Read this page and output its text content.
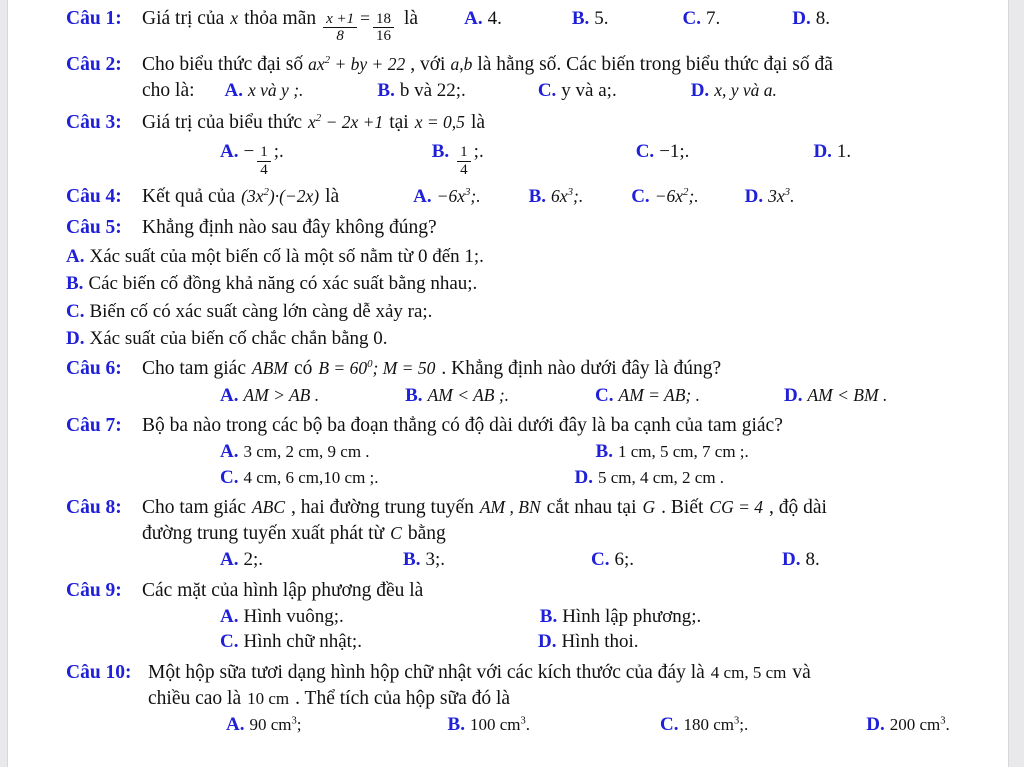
Câu 1:	Giá trị của x thỏa mãn $\frac{x +1}{8} = \frac{18}{16}$ là A. 4.	B. 5.	C. 7.	D. 8.
Câu 2:	Cho biểu thức đại số $ax^2$ + by + 22 , với a,b là hằng số. Các biến trong biểu thức đại số đã
cho là: A. x và y ;.	B. b và 22;.	C. y và a;.	D. x, y và a.
Câu 3:	Giá trị của biểu thức $x^2 - 2x +1$ tại x = 0,5 là
A. − $\frac{1}{4}$ ;.	B. $\frac{1}{4}$ ;.	C. −1;.	D. 1.
Câu 4:	Kết quả của $(3x^2)\cdot(-2x)$ là	A. $-6x^3$;.	B. $6x^3$;.	C. $-6x^2$;. D. $3x^3$.
Câu 5:	Khẳng định nào sau đây không đúng?
A. Xác suất của một biến cố là một số nằm từ 0 đến 1;.
B. Các biến cố đồng khả năng có xác suất bằng nhau;.
C. Biến cố có xác suất càng lớn càng dễ xảy ra;.
D. Xác suất của biến cố chắc chắn bằng 0.
Câu 6:	Cho tam giác ABM có $B = 60^0$; M = 50 . Khẳng định nào dưới đây là đúng?
A. AM > AB .	B. AM < AB ;.	C. AM = AB; .	D. AM < BM .
Câu 7:	Bộ ba nào trong các bộ ba đoạn thẳng có độ dài dưới đây là ba cạnh của tam giác?
A. 3 cm, 2 cm, 9 cm .	B. 1 cm, 5 cm, 7 cm ;.
C. 4 cm, 6 cm,10 cm ;.	D. 5 cm, 4 cm, 2 cm .
Câu 8:	Cho tam giác ABC , hai đường trung tuyến AM , BN cắt nhau tại G . Biết CG = 4 , độ dài
đường trung tuyến xuất phát từ C bằng
A. 2;.	B. 3;.	C. 6;.	D. 8.
Câu 9:	Các mặt của hình lập phương đều là
A. Hình vuông;.	B. Hình lập phương;.
C. Hình chữ nhật;.	D. Hình thoi.
Câu 10: Một hộp sữa tươi dạng hình hộp chữ nhật với các kích thước của đáy là 4 cm, 5 cm và
chiều cao là 10 cm . Thể tích của hộp sữa đó là
A. 90 $cm^3$;	B. 100 $cm^3$.	C. 180 $cm^3$;.	D. 200 $cm^3$.
